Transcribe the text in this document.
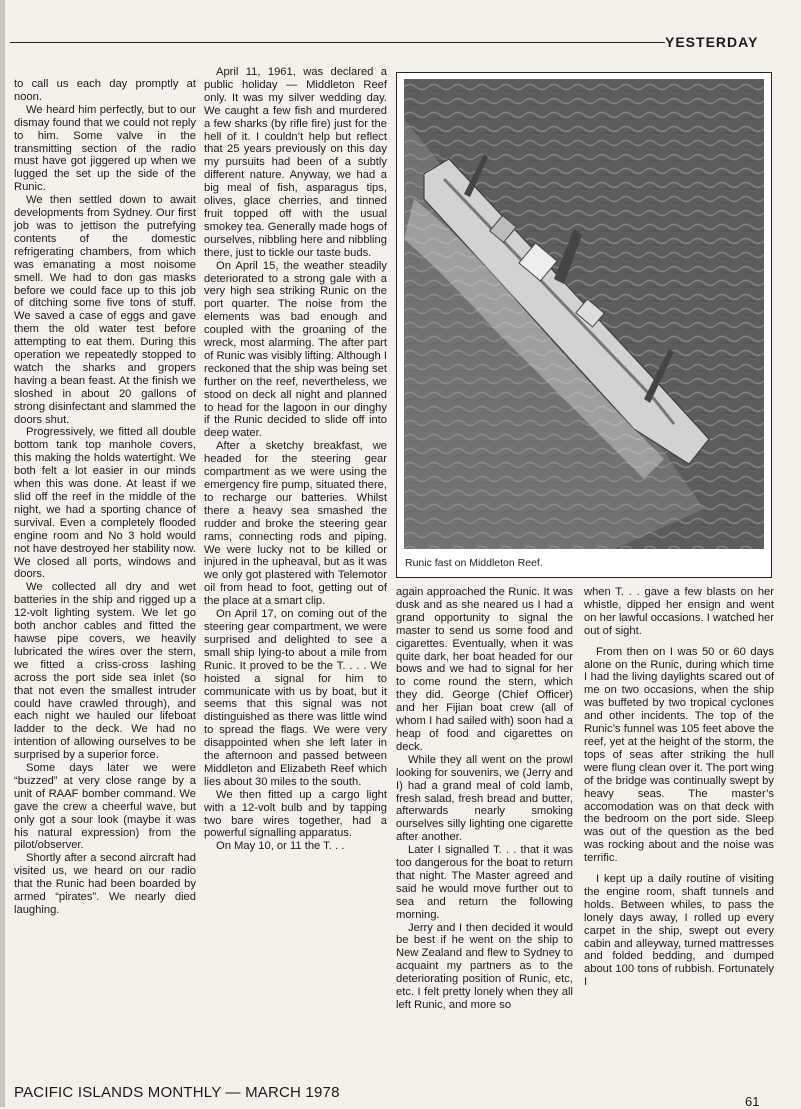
YESTERDAY

to call us each day promptly at noon.

We heard him perfectly, but to our dismay found that we could not reply to him. Some valve in the transmitting section of the radio must have got jiggered up when we lugged the set up the side of the Runic.

We then settled down to await developments from Sydney. Our first job was to jettison the putrefying contents of the domestic refrigerating chambers, from which was emanating a most noisome smell. We had to don gas masks before we could face up to this job of ditching some five tons of stuff. We saved a case of eggs and gave them the old water test before attempting to eat them. During this operation we repeatedly stopped to watch the sharks and gropers having a bean feast. At the finish we sloshed in about 20 gallons of strong disinfectant and slammed the doors shut.

Progressively, we fitted all double bottom tank top manhole covers, this making the holds watertight. We both felt a lot easier in our minds when this was done. At least if we slid off the reef in the middle of the night, we had a sporting chance of survival. Even a completely flooded engine room and No 3 hold would not have destroyed her stability now. We closed all ports, windows and doors.

We collected all dry and wet batteries in the ship and rigged up a 12-volt lighting system. We let go both anchor cables and fitted the hawse pipe covers, we heavily lubricated the wires over the stern, we fitted a criss-cross lashing across the port side sea inlet (so that not even the smallest intruder could have crawled through), and each night we hauled our lifeboat ladder to the deck. We had no intention of allowing ourselves to be surprised by a superior force.

Some days later we were “buzzed” at very close range by a unit of RAAF bomber command. We gave the crew a cheerful wave, but only got a sour look (maybe it was his natural expression) from the pilot/observer.

Shortly after a second aircraft had visited us, we heard on our radio that the Runic had been boarded by armed “pirates”. We nearly died laughing.

April 11, 1961, was declared a public holiday — Middleton Reef only. It was my silver wedding day. We caught a few fish and murdered a few sharks (by rifle fire) just for the hell of it. I couldn’t help but reflect that 25 years previously on this day my pursuits had been of a subtly different nature. Anyway, we had a big meal of fish, asparagus tips, olives, glace cherries, and tinned fruit topped off with the usual smokey tea. Generally made hogs of ourselves, nibbling here and nibbling there, just to tickle our taste buds.

On April 15, the weather steadily deteriorated to a strong gale with a very high sea striking Runic on the port quarter. The noise from the elements was bad enough and coupled with the groaning of the wreck, most alarming. The after part of Runic was visibly lifting. Although I reckoned that the ship was being set further on the reef, nevertheless, we stood on deck all night and planned to head for the lagoon in our dinghy if the Runic decided to slide off into deep water.

After a sketchy breakfast, we headed for the steering gear compartment as we were using the emergency fire pump, situated there, to recharge our batteries. Whilst there a heavy sea smashed the rudder and broke the steering gear rams, connecting rods and piping. We were lucky not to be killed or injured in the upheaval, but as it was we only got plastered with Telemotor oil from head to foot, getting out of the place at a smart clip.

On April 17, on coming out of the steering gear compartment, we were surprised and delighted to see a small ship lying-to about a mile from Runic. It proved to be the T. . . . We hoisted a signal for him to communicate with us by boat, but it seems that this signal was not distinguished as there was little wind to spread the flags. We were very disappointed when she left later in the afternoon and passed between Middleton and Elizabeth Reef which lies about 30 miles to the south.

We then fitted up a cargo light with a 12-volt bulb and by tapping two bare wires together, had a powerful signalling apparatus.

On May 10, or 11 the T. . .

Runic fast on Middleton Reef.

again approached the Runic. It was dusk and as she neared us I had a grand opportunity to signal the master to send us some food and cigarettes. Eventually, when it was quite dark, her boat headed for our bows and we had to signal for her to come round the stern, which they did. George (Chief Officer) and her Fijian boat crew (all of whom I had sailed with) soon had a heap of food and cigarettes on deck.

While they all went on the prowl looking for souvenirs, we (Jerry and I) had a grand meal of cold lamb, fresh salad, fresh bread and butter, afterwards nearly smoking ourselves silly lighting one cigarette after another.

Later I signalled T. . . that it was too dangerous for the boat to return that night. The Master agreed and said he would move further out to sea and return the following morning.

Jerry and I then decided it would be best if he went on the ship to New Zealand and flew to Sydney to acquaint my partners as to the deteriorating position of Runic, etc, etc. I felt pretty lonely when they all left Runic, and more so

when T. . . gave a few blasts on her whistle, dipped her ensign and went on her lawful occasions. I watched her out of sight.

From then on I was 50 or 60 days alone on the Runic, during which time I had the living daylights scared out of me on two occasions, when the ship was buffeted by two tropical cyclones and other incidents. The top of the Runic’s funnel was 105 feet above the reef, yet at the height of the storm, the tops of seas after striking the hull were flung clean over it. The port wing of the bridge was continually swept by heavy seas. The master’s accomodation was on that deck with the bedroom on the port side. Sleep was out of the question as the bed was rocking about and the noise was terrific.

I kept up a daily routine of visiting the engine room, shaft tunnels and holds. Between whiles, to pass the lonely days away, I rolled up every carpet in the ship, swept out every cabin and alleyway, turned mattresses and folded bedding, and dumped about 100 tons of rubbish. Fortunately I

PACIFIC ISLANDS MONTHLY — MARCH 1978
61
